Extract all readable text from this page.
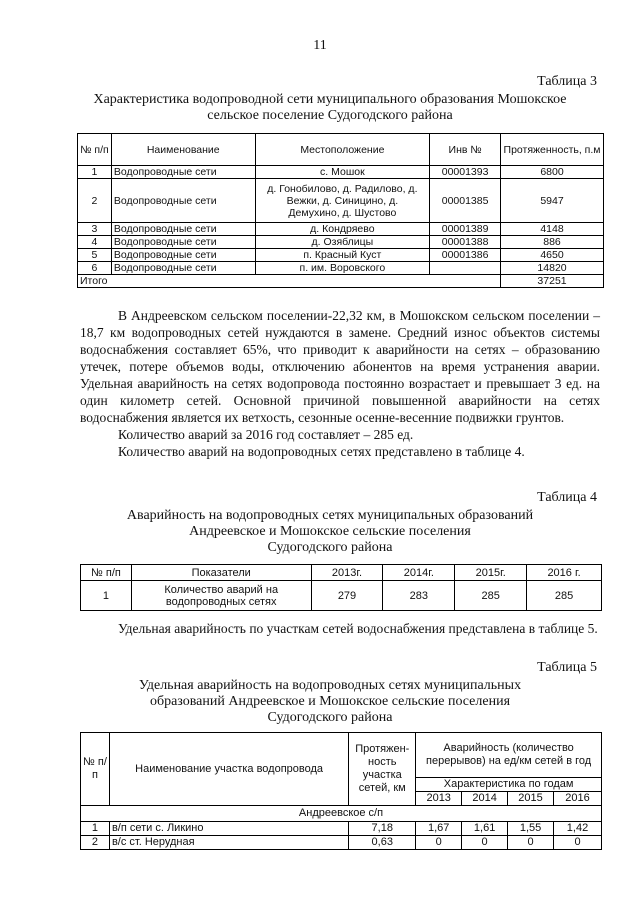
11
Таблица 3
Характеристика водопроводной сети муниципального образования Мошокское
сельское поселение Судогодского района
№ п/п	Наименование	Местоположение	Инв №	Протяженность, п.м
1	Водопроводные сети	с. Мошок	00001393	6800
2	Водопроводные сети	д. Гонобилово, д. Радилово, д. Вежки, д. Синицино, д. Демухино, д. Шустово	00001385	5947
3	Водопроводные сети	д. Кондряево	00001389	4148
4	Водопроводные сети	д. Озяблицы	00001388	886
5	Водопроводные сети	п. Красный Куст	00001386	4650
6	Водопроводные сети	п. им. Воровского		14820
Итого				37251

В Андреевском сельском поселении-22,32 км, в Мошокском сельском поселении – 18,7 км водопроводных сетей нуждаются в замене. Средний износ объектов системы водоснабжения составляет 65%, что приводит к аварийности на сетях – образованию утечек, потере объемов воды, отключению абонентов на время устранения аварии. Удельная аварийность на сетях водопровода постоянно возрастает и превышает 3 ед. на один километр сетей. Основной причиной повышенной аварийности на сетях водоснабжения является их ветхость, сезонные осенне-весенние подвижки грунтов.

Количество аварий за 2016 год составляет – 285 ед.

Количество аварий на водопроводных сетях представлено в таблице 4.

Таблица 4
Аварийность на водопроводных сетях муниципальных образований
Андреевское и Мошокское сельские поселения
Судогодского района
№ п/п	Показатели	2013г.	2014г.	2015г.	2016 г.
1	Количество аварий на водопроводных сетях	279	283	285	285

Удельная аварийность по участкам сетей водоснабжения представлена в таблице 5.

Таблица 5
Удельная аварийность на водопроводных сетях муниципальных
образований Андреевское и Мошокское сельские поселения
Судогодского района
№ п/п	Наименование участка водопровода	Протяжен-ность участка сетей, км	Аварийность (количество перерывов) на ед/км сетей в год			
			Характеристика по годам			
			2013	2014	2015	2016
Андреевское с/п						
1	в/п сети с. Ликино	7,18	1,67	1,61	1,55	1,42
2	в/с ст. Нерудная	0,63	0	0	0	0
